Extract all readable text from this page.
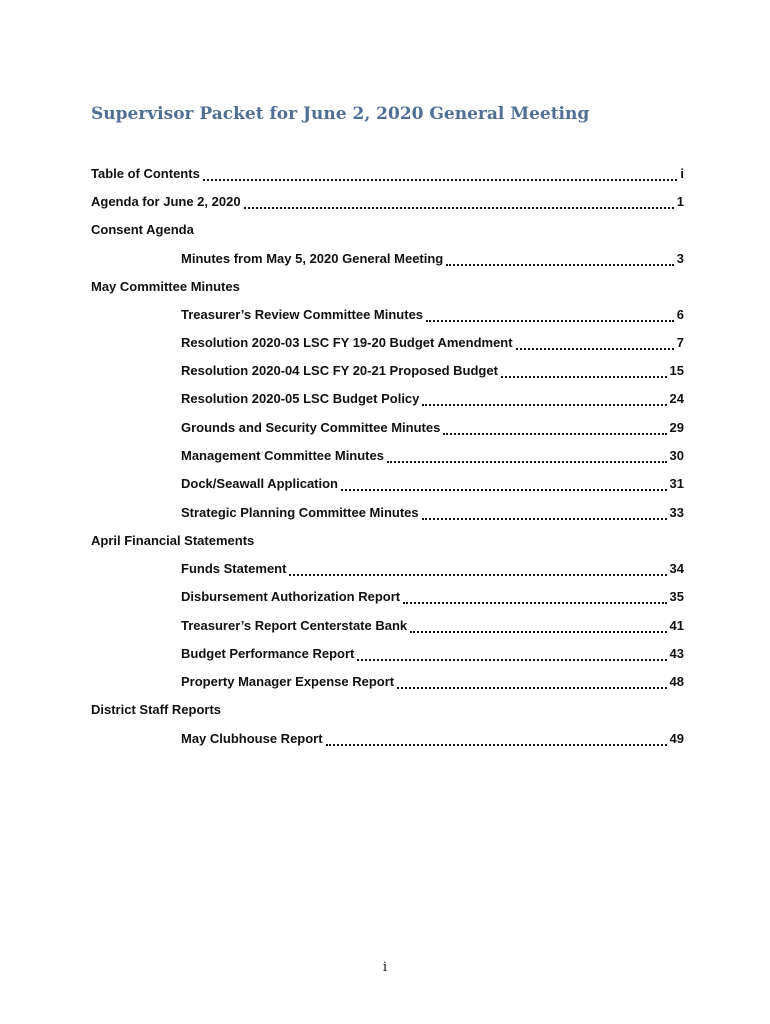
Supervisor Packet for June 2, 2020 General Meeting
Table of Contents	i
Agenda for June 2, 2020	1
Consent Agenda
Minutes from May 5, 2020 General Meeting	3
May Committee Minutes
Treasurer’s Review Committee Minutes	6
Resolution 2020-03 LSC FY 19-20 Budget Amendment	7
Resolution 2020-04 LSC FY 20-21 Proposed Budget	15
Resolution 2020-05 LSC Budget Policy	24
Grounds and Security Committee Minutes	29
Management Committee Minutes	30
Dock/Seawall Application	31
Strategic Planning Committee Minutes	33
April Financial Statements
Funds Statement	34
Disbursement Authorization Report	35
Treasurer’s Report Centerstate Bank	41
Budget Performance Report	43
Property Manager Expense Report	48
District Staff Reports
May Clubhouse Report	49
i
